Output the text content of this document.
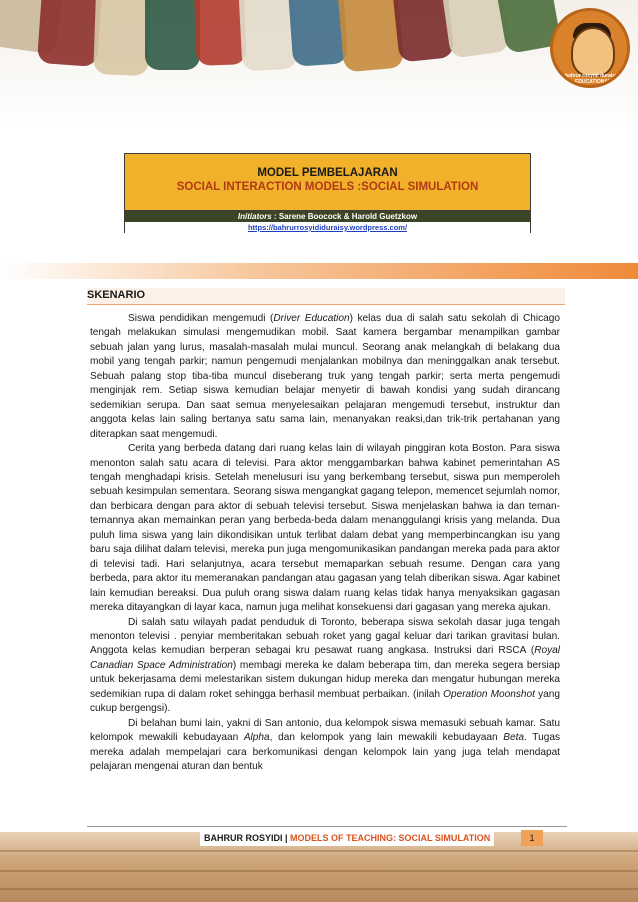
bahrur rosyidi duraisy · EDUCATIONAL TECHNOLOGY
MODEL PEMBELAJARAN
SOCIAL INTERACTION MODELS :SOCIAL SIMULATION
Initiators : Sarene Boocock & Harold Guetzkow
https://bahrurrosyididuraisy.wordpress.com/
SKENARIO

Siswa pendidikan mengemudi (Driver Education) kelas dua di salah satu sekolah di Chicago tengah melakukan simulasi mengemudikan mobil. Saat kamera bergambar menampilkan gambar sebuah jalan yang lurus, masalah-masalah mulai muncul. Seorang anak melangkah di belakang dua mobil yang tengah parkir; namun pengemudi menjalankan mobilnya dan meninggalkan anak tersebut. Sebuah palang stop tiba-tiba muncul diseberang truk yang tengah parkir; serta merta pengemudi menginjak rem. Setiap siswa kemudian belajar menyetir di bawah kondisi yang sudah dirancang sedemikian serupa. Dan saat semua menyelesaikan pelajaran mengemudi tersebut, instruktur dan anggota kelas lain saling bertanya satu sama lain, menanyakan reaksi,dan trik-trik pertahanan yang diterapkan saat mengemudi.

Cerita yang berbeda datang dari ruang kelas lain di wilayah pinggiran kota Boston. Para siswa menonton salah satu acara di televisi. Para aktor menggambarkan bahwa kabinet pemerintahan AS tengah menghadapi krisis. Setelah menelusuri isu yang berkembang tersebut, siswa pun memperoleh sebuah kesimpulan sementara. Seorang siswa mengangkat gagang telepon, memencet sejumlah nomor, dan berbicara dengan para aktor di sebuah televisi tersebut. Siswa menjelaskan bahwa ia dan teman-temannya akan memainkan peran yang berbeda-beda dalam menanggulangi krisis yang melanda. Dua puluh lima siswa yang lain dikondisikan untuk terlibat dalam debat yang memperbincangkan isu yang baru saja dilihat dalam televisi, mereka pun juga mengomunikasikan pandangan mereka pada para aktor di televisi tadi. Hari selanjutnya, acara tersebut memaparkan sebuah resume. Dengan cara yang berbeda, para aktor itu memeranakan pandangan atau gagasan yang telah diberikan siswa. Agar kabinet lain kemudian bereaksi. Dua puluh orang siswa dalam ruang kelas tidak hanya menyaksikan gagasan mereka ditayangkan di layar kaca, namun juga melihat konsekuensi dari gagasan yang mereka ajukan.

Di salah satu wilayah padat penduduk di Toronto, beberapa siswa sekolah dasar juga tengah menonton televisi . penyiar memberitakan sebuah roket yang gagal keluar dari tarikan gravitasi bulan. Anggota kelas kemudian berperan sebagai kru pesawat ruang angkasa. Instruksi dari RSCA (Royal Canadian Space Administration) membagi mereka ke dalam beberapa tim, dan mereka segera bersiap untuk bekerjasama demi melestarikan sistem dukungan hidup mereka dan mengatur hubungan mereka sedemikian rupa di dalam roket sehingga berhasil membuat perbaikan. (inilah Operation Moonshot yang cukup bergengsi).

Di belahan bumi lain, yakni di San antonio, dua kelompok siswa memasuki sebuah kamar. Satu kelompok mewakili kebudayaan Alpha, dan kelompok yang lain mewakili kebudayaan Beta. Tugas mereka adalah mempelajari cara berkomunikasi dengan kelompok lain yang juga telah mendapat pelajaran mengenai aturan dan bentuk

BAHRUR ROSYIDI | MODELS OF TEACHING: SOCIAL SIMULATION	1
